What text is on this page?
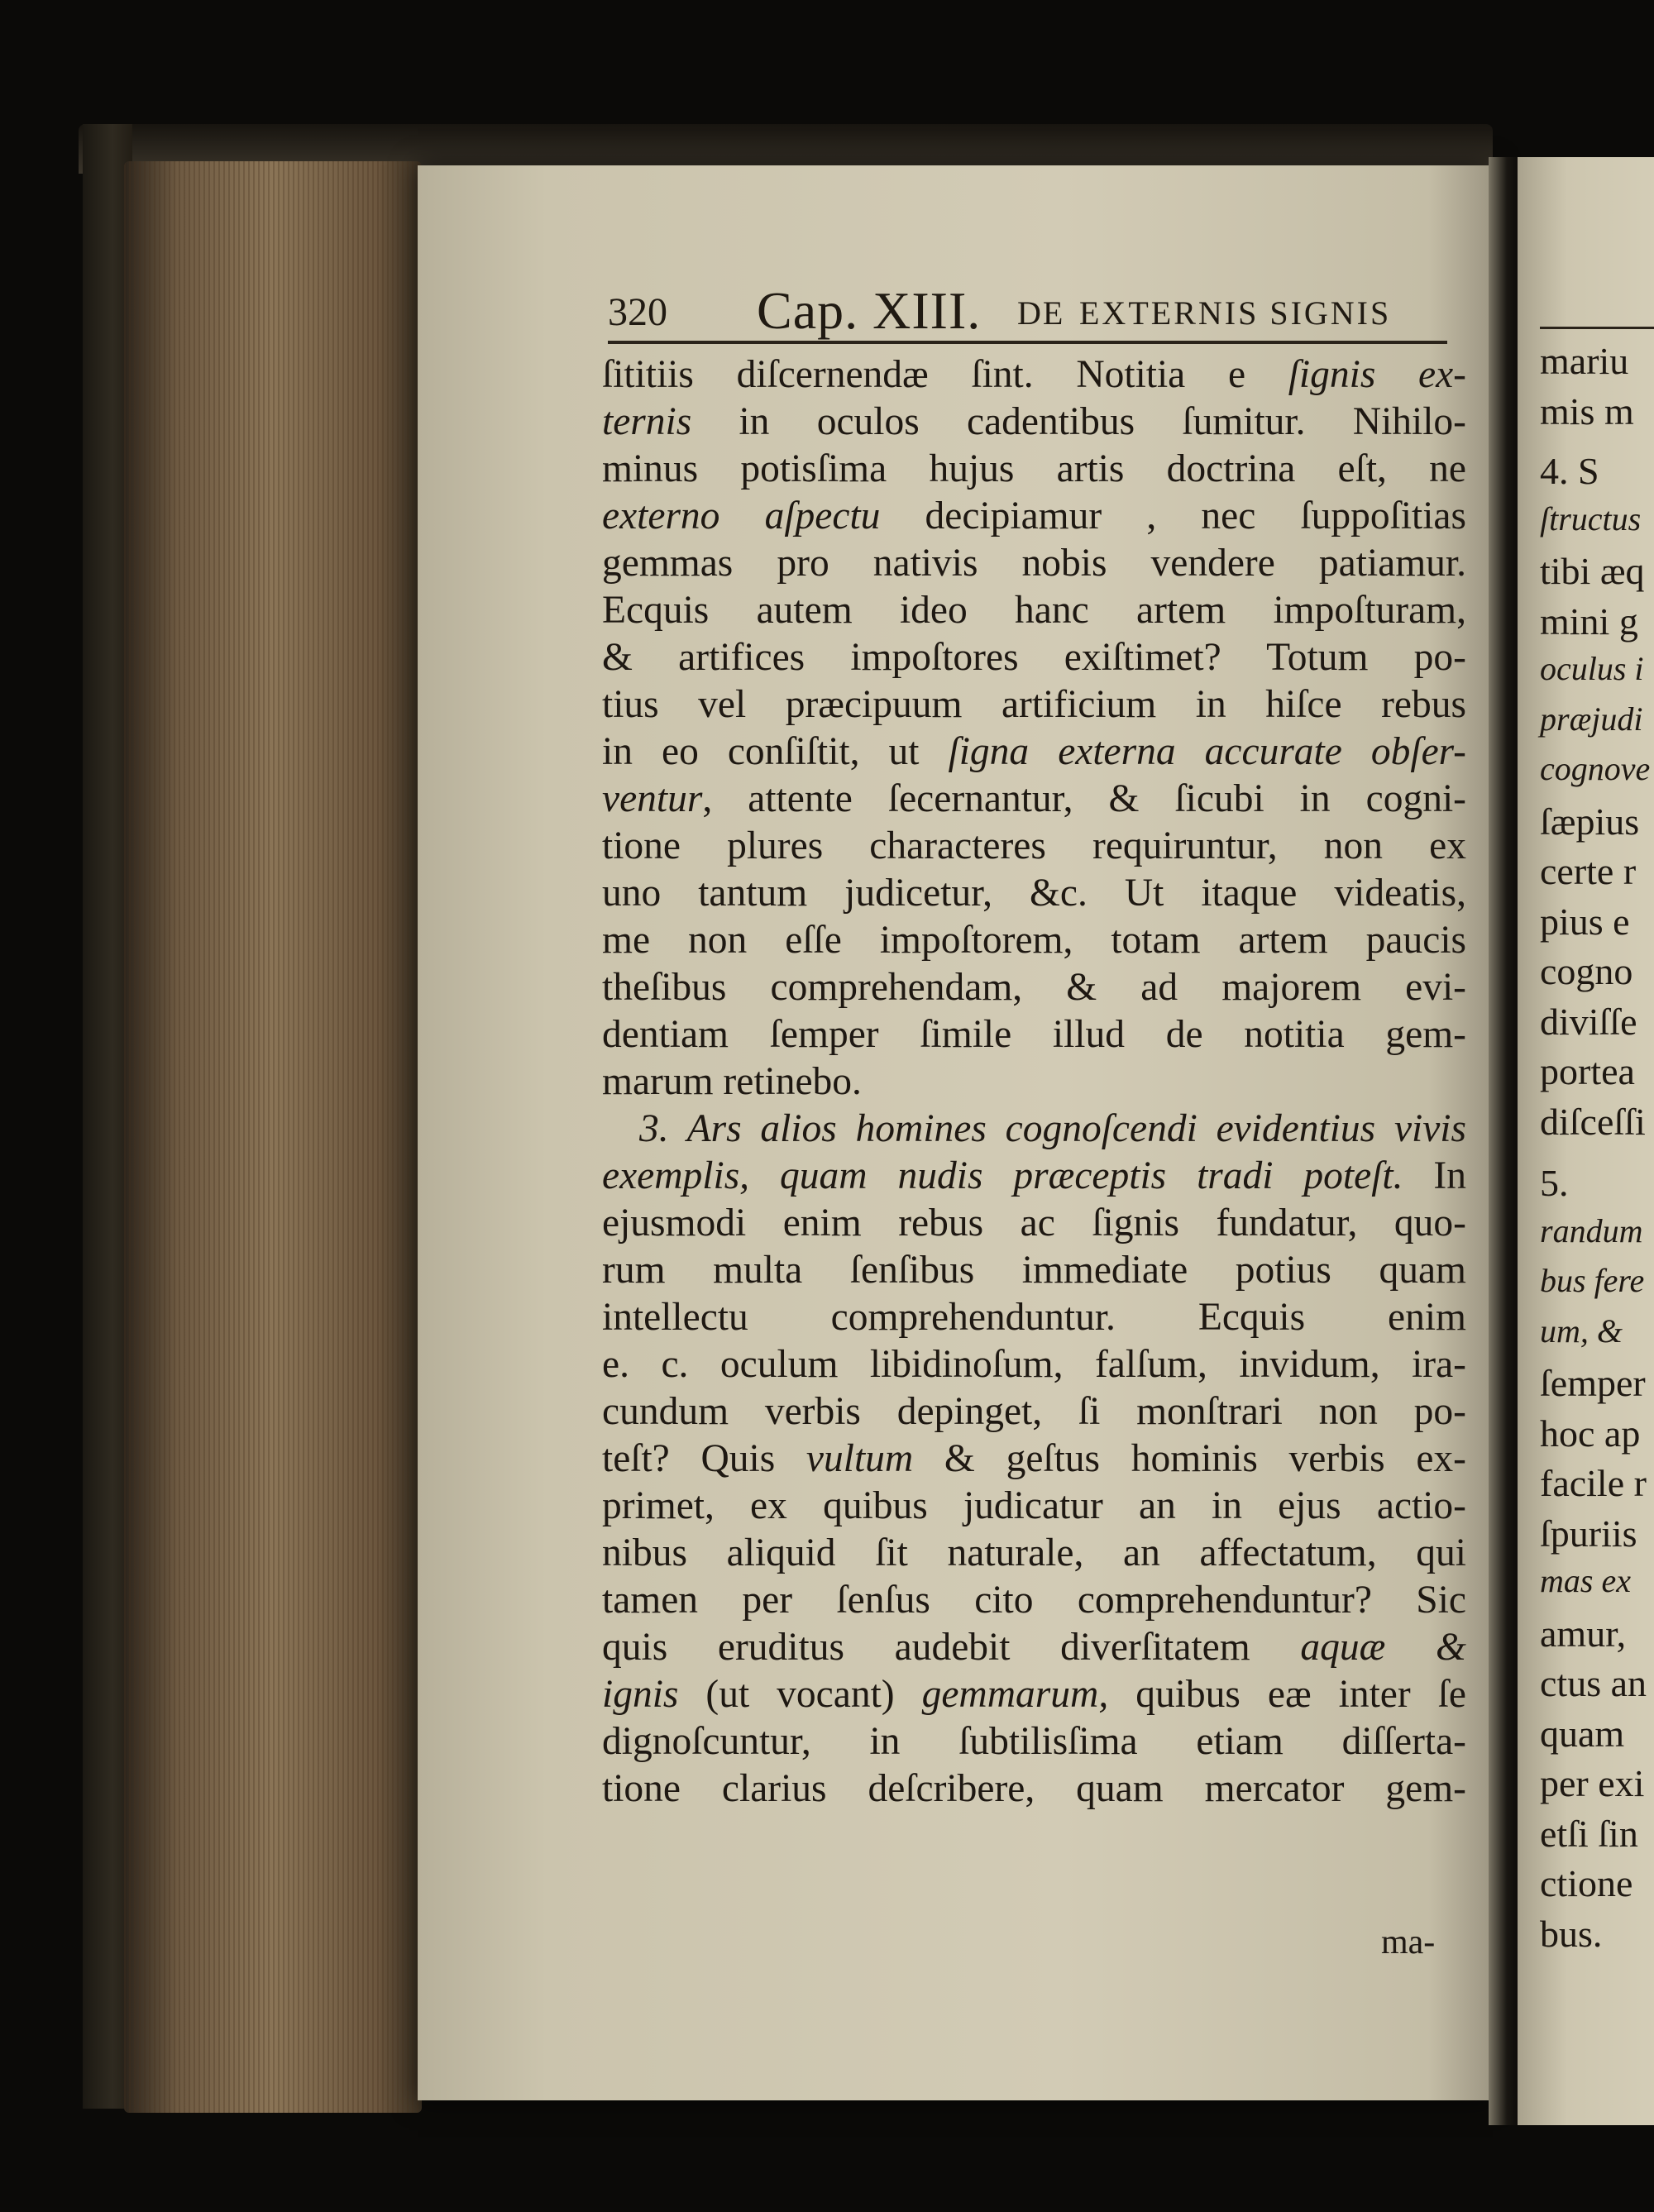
320 Cap. XIII. DE EXTERNIS SIGNIS
ſititiis diſcernendæ ſint. Notitia e ſignis ex-
ternis in oculos cadentibus ſumitur. Nihilo-
minus potisſima hujus artis doctrina eſt, ne
externo aſpectu decipiamur , nec ſuppoſitias
gemmas pro nativis nobis vendere patiamur.
Ecquis autem ideo hanc artem impoſturam,
& artifices impoſtores exiſtimet? Totum po-
tius vel præcipuum artificium in hiſce rebus
in eo conſiſtit, ut ſigna externa accurate obſer-
ventur, attente ſecernantur, & ſicubi in cogni-
tione plures characteres requiruntur, non ex
uno tantum judicetur, &c. Ut itaque videatis,
me non eſſe impoſtorem, totam artem paucis
theſibus comprehendam, & ad majorem evi-
dentiam ſemper ſimile illud de notitia gem-
marum retinebo.
3. Ars alios homines cognoſcendi evidentius vivis
exemplis, quam nudis præceptis tradi poteſt. In
ejusmodi enim rebus ac ſignis fundatur, quo-
rum multa ſenſibus immediate potius quam
intellectu comprehenduntur. Ecquis enim
e. c. oculum libidinoſum, falſum, invidum, ira-
cundum verbis depinget, ſi monſtrari non po-
teſt? Quis vultum & geſtus hominis verbis ex-
primet, ex quibus judicatur an in ejus actio-
nibus aliquid ſit naturale, an affectatum, qui
tamen per ſenſus cito comprehenduntur? Sic
quis eruditus audebit diverſitatem aquæ &
ignis (ut vocant) gemmarum, quibus eæ inter ſe
dignoſcuntur, in ſubtilisſima etiam diſſerta-
tione clarius deſcribere, quam mercator gem-
ma-
mariu
mis m
4. S
ſtructus
tibi æq
mini g
oculus i
præjudi
cognove
ſæpius
certe r
pius e
cogno
diviſſe
portea
diſceſſi
5.
randum
bus fere
um, &
ſemper
hoc ap
facile r
ſpuriis
mas ex
amur,
ctus an
quam
per exi
etſi ſin
ctione
bus.
